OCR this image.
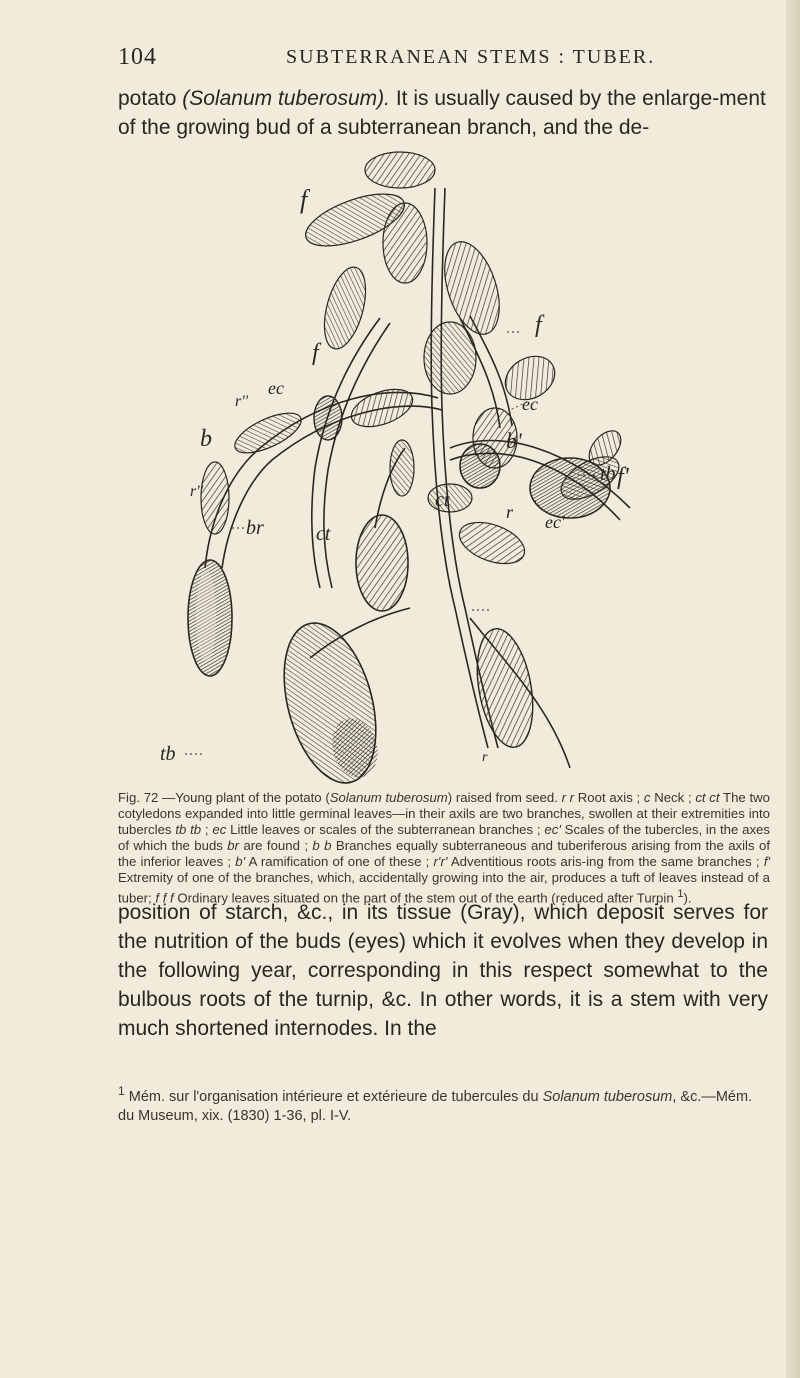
104	SUBTERRANEAN STEMS : TUBER.

potato (Solanum tuberosum). It is usually caused by the enlarge-ment of the growing bud of a subterranean branch, and the de-

f
f
f
f'
ec
ec
ec'
r''
r''
b	b'
ct
ct
r
r
br
tb
tb

Fig. 72 —Young plant of the potato (Solanum tuberosum) raised from seed. r r Root axis ; c Neck ; ct ct The two cotyledons expanded into little germinal leaves—in their axils are two branches, swollen at their extremities into tubercles tb tb ; ec Little leaves or scales of the subterranean branches ; ec' Scales of the tubercles, in the axes of which the buds br are found ; b b Branches equally subterraneous and tuberiferous arising from the axils of the inferior leaves ; b' A ramification of one of these ; r'r' Adventitious roots aris-ing from the same branches ; f' Extremity of one of the branches, which, accidentally growing into the air, produces a tuft of leaves instead of a tuber; f f f Ordinary leaves situated on the part of the stem out of the earth (reduced after Turpin $^1$).

position of starch, &c., in its tissue (Gray), which deposit serves for the nutrition of the buds (eyes) which it evolves when they develop in the following year, corresponding in this respect somewhat to the bulbous roots of the turnip, &c. In other words, it is a stem with very much shortened internodes. In the

$^1$ Mém. sur l'organisation intérieure et extérieure de tubercules du Solanum tuberosum, &c.—Mém. du Museum, xix. (1830) 1-36, pl. I-V.
